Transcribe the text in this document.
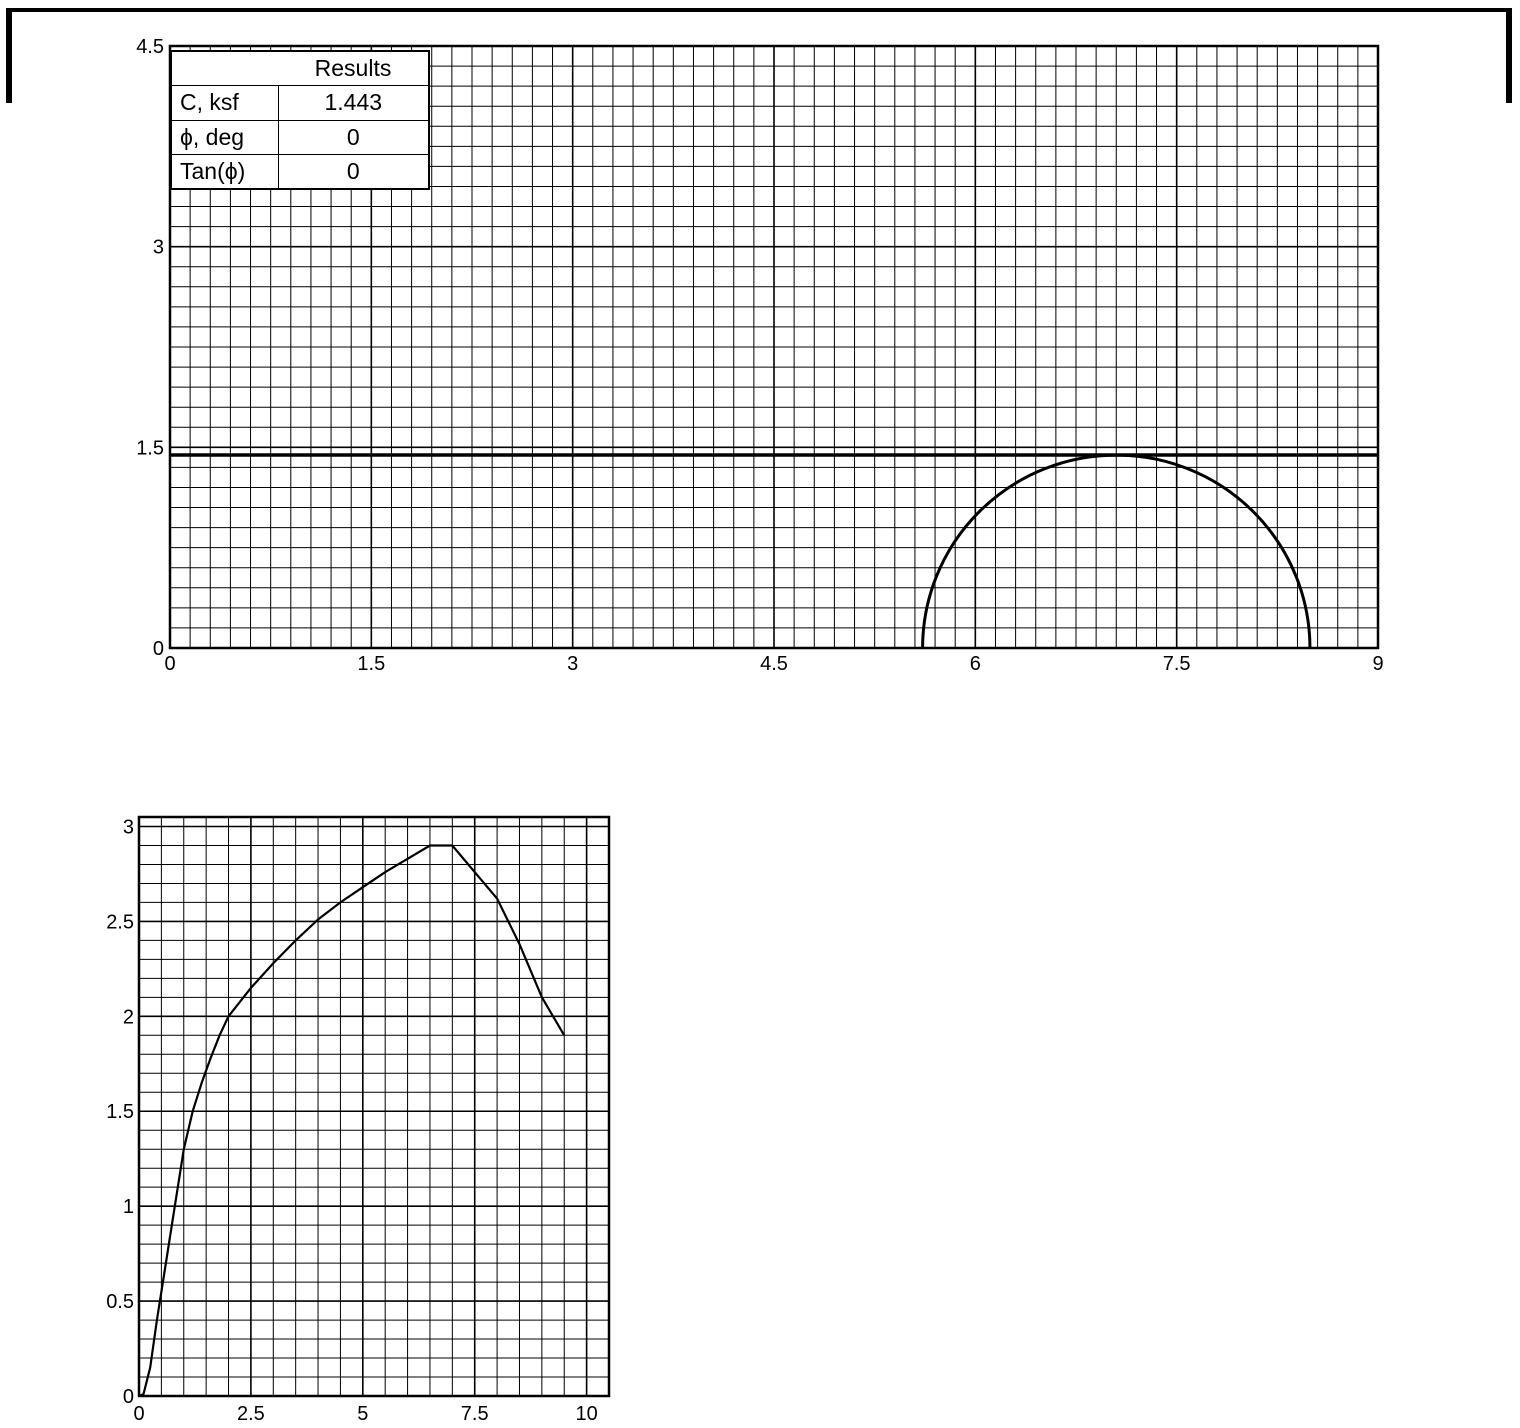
0	1.5	3	4.5	6	7.5	9
0
1.5
3
4.5
	Results
C, ksf	1.443
ϕ, deg	0
Tan(ϕ)	0
0	2.5	5	7.5	10
0
0.5
1
1.5
2
2.5
3
